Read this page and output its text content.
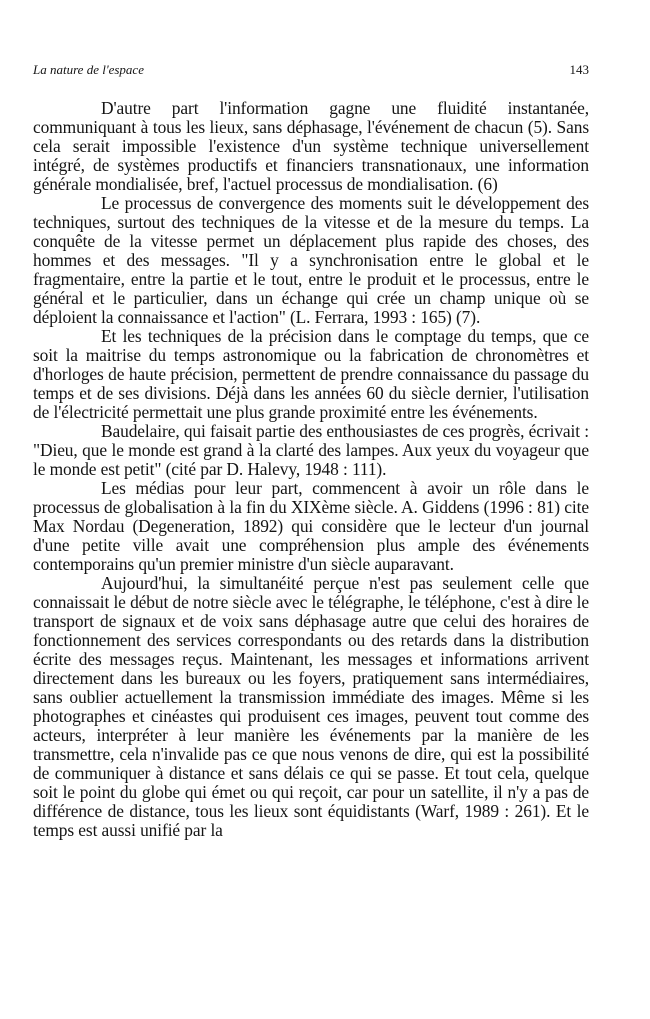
La nature de l'espace	143

D'autre part l'information gagne une fluidité instantanée, communiquant à tous les lieux, sans déphasage, l'événement de chacun (5). Sans cela serait impossible l'existence d'un système technique universellement intégré, de systèmes productifs et financiers transnationaux, une information générale mondialisée, bref, l'actuel processus de mondialisation. (6)

Le processus de convergence des moments suit le développement des techniques, surtout des techniques de la vitesse et de la mesure du temps. La conquête de la vitesse permet un déplacement plus rapide des choses, des hommes et des messages. "Il y a synchronisation entre le global et le fragmentaire, entre la partie et le tout, entre le produit et le processus, entre le général et le particulier, dans un échange qui crée un champ unique où se déploient la connaissance et l'action" (L. Ferrara, 1993 : 165) (7).

Et les techniques de la précision dans le comptage du temps, que ce soit la maitrise du temps astronomique ou la fabrication de chronomètres et d'horloges de haute précision, permettent de prendre connaissance du passage du temps et de ses divisions. Déjà dans les années 60 du siècle dernier, l'utilisation de l'électricité permettait une plus grande proximité entre les événements.

Baudelaire, qui faisait partie des enthousiastes de ces progrès, écrivait : "Dieu, que le monde est grand à la clarté des lampes. Aux yeux du voyageur que le monde est petit" (cité par D. Halevy, 1948 : 111).

Les médias pour leur part, commencent à avoir un rôle dans le processus de globalisation à la fin du XIXème siècle. A. Giddens (1996 : 81) cite Max Nordau (Degeneration, 1892) qui considère que le lecteur d'un journal d'une petite ville avait une compréhension plus ample des événements contemporains qu'un premier ministre d'un siècle auparavant.

Aujourd'hui, la simultanéité perçue n'est pas seulement celle que connaissait le début de notre siècle avec le télégraphe, le téléphone, c'est à dire le transport de signaux et de voix sans déphasage autre que celui des horaires de fonctionnement des services correspondants ou des retards dans la distribution écrite des messages reçus. Maintenant, les messages et informations arrivent directement dans les bureaux ou les foyers, pratiquement sans intermédiaires, sans oublier actuellement la transmission immédiate des images. Même si les photographes et cinéastes qui produisent ces images, peuvent tout comme des acteurs, interpréter à leur manière les événements par la manière de les transmettre, cela n'invalide pas ce que nous venons de dire, qui est la possibilité de communiquer à distance et sans délais ce qui se passe. Et tout cela, quelque soit le point du globe qui émet ou qui reçoit, car pour un satellite, il n'y a pas de différence de distance, tous les lieux sont équidistants (Warf, 1989 : 261). Et le temps est aussi unifié par la
